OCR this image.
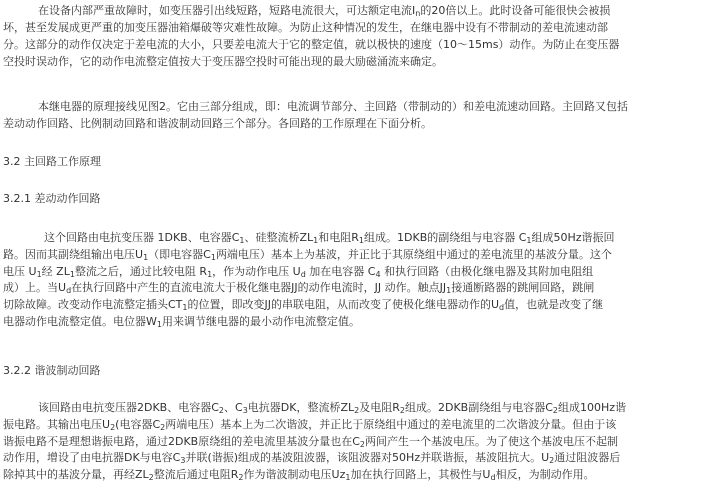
在设备内部严重故障时，如变压器引出线短路，短路电流很大，可达额定电流$I_n$的20倍以上。此时设备可能很快会被损
坏，甚至发展成更严重的加变压器油箱爆破等灾难性故障。为防止这种情况的发生，在继电器中设有不带制动的差电流速动部
分。这部分的动作仅决定于差电流的大小，只要差电流大于它的整定值，就以极快的速度（10～15ms）动作。为防止在变压器
空投时误动作，它的动作电流整定值按大于变压器空投时可能出现的最大励磁涌流来确定。

本继电器的原理接线见图2。它由三部分组成，即：电流调节部分、主回路（带制动的）和差电流速动回路。主回路又包括
差动动作回路、比例制动回路和谐波制动回路三个部分。各回路的工作原理在下面分析。

3.2 主回路工作原理
3.2.1 差动动作回路

这个回路由电抗变压器 1DKB、电容器$C_1$、硅整流桥$ZL_1$和电阻$R_1$组成。1DKB的副绕组与电容器 $C_1$组成50Hz谐振回
路。因而其副绕组输出电压$U_1$（即电容器$C_1$两端电压）基本上为基波，并正比于其原绕组中通过的差电流里的基波分量。这个
电压 $U_1$经 $ZL_1$整流之后，通过比较电阻 $R_1$，作为动作电压 $U_d$ 加在电容器 $C_4$ 和执行回路（由极化继电器及其附加电阻组
成）上。当$U_d$在执行回路中产生的直流电流大于极化继电器JJ的动作电流时，JJ 动作。触点$JJ_1$接通断路器的跳闸回路，跳闸
切除故障。改变动作电流整定插头$CT_1$的位置，即改变JJ的串联电阻，从而改变了使极化继电器动作的$U_d$值，也就是改变了继
电器动作电流整定值。电位器$W_1$用来调节继电器的最小动作电流整定值。

3.2.2 谐波制动回路

该回路由电抗变压器2DKB、电容器$C_2$、$C_3$电抗器DK，整流桥$ZL_2$及电阻$R_2$组成。2DKB副绕组与电容器$C_2$组成100Hz谐
振电路。其输出电压$U_2$(电容器$C_2$两端电压）基本上为二次谐波，并正比于原绕组中通过的差电流里的二次谐波分量。但由于该
谐振电路不是理想谐振电路，通过2DKB原绕组的差电流里基波分量也在$C_2$两间产生一个基波电压。为了使这个基波电压不起制
动作用，增设了由电抗器DK与电容$C_3$并联(谐振)组成的基波阻波器，该阻波器对50Hz并联谐振，基波阻抗大。$U_2$通过阻波器后
除掉其中的基波分量，再经$ZL_2$整流后通过电阻$R_2$作为谐波制动电压$Uz_1$加在执行回路上，其极性与$U_d$相反，为制动作用。
